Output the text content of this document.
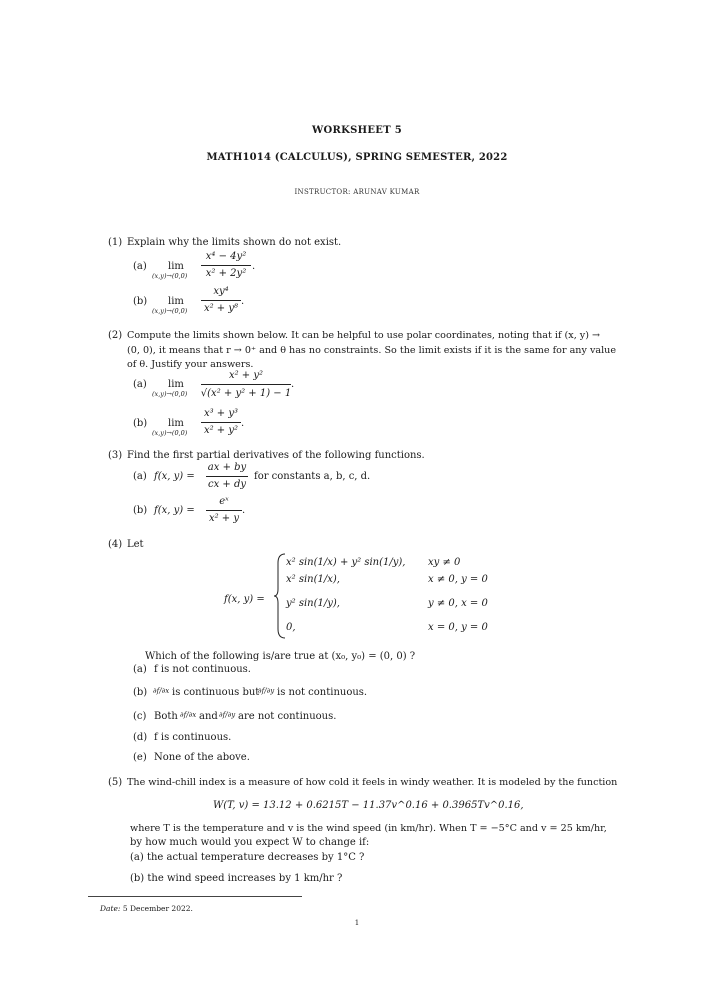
WORKSHEET 5
MATH1014 (CALCULUS), SPRING SEMESTER, 2022
INSTRUCTOR: ARUNAV KUMAR
(1) Explain why the limits shown do not exist.
(a) lim
(x,y)→(0,0)
x⁴ − 4y²
x² + 2y²
.
(b) lim
(x,y)→(0,0)
xy⁴
x² + y⁸
.
(2) Compute the limits shown below. It can be helpful to use polar coordinates, noting that if (x, y) →
(0, 0), it means that r → 0⁺ and θ has no constraints. So the limit exists if it is the same for any value
of θ. Justify your answers.
(a) lim
(x,y)→(0,0)
x² + y²
√(x² + y² + 1) − 1
.
(b) lim
(x,y)→(0,0)
x³ + y³
x² + y²
.
(3) Find the first partial derivatives of the following functions.
(a) f(x, y) =
ax + by
cx + dy
for constants a, b, c, d.
(b) f(x, y) =
eˣ
x² + y
.
(4) Let
f(x, y) =
x² sin(1/x) + y² sin(1/y), xy ≠ 0
x² sin(1/x),	x ≠ 0, y = 0
y² sin(1/y),	y ≠ 0, x = 0
0,	x = 0, y = 0
Which of the following is/are true at (x₀, y₀) = (0, 0) ?
(a) f is not continuous.
(b) ∂f/∂x is continuous but
∂f/∂y is not continuous.
(c) Both ∂f/∂x and ∂f/∂y are not continuous.
(d) f is continuous.
(e) None of the above.
(5) The wind-chill index is a measure of how cold it feels in windy weather. It is modeled by the function
W(T, v) = 13.12 + 0.6215T − 11.37v^0.16 + 0.3965Tv^0.16,
where T is the temperature and v is the wind speed (in km/hr). When T = −5°C and v = 25 km/hr,
by how much would you expect W to change if:
(a) the actual temperature decreases by 1°C ?
(b) the wind speed increases by 1 km/hr ?
Date: 5 December 2022.
1
